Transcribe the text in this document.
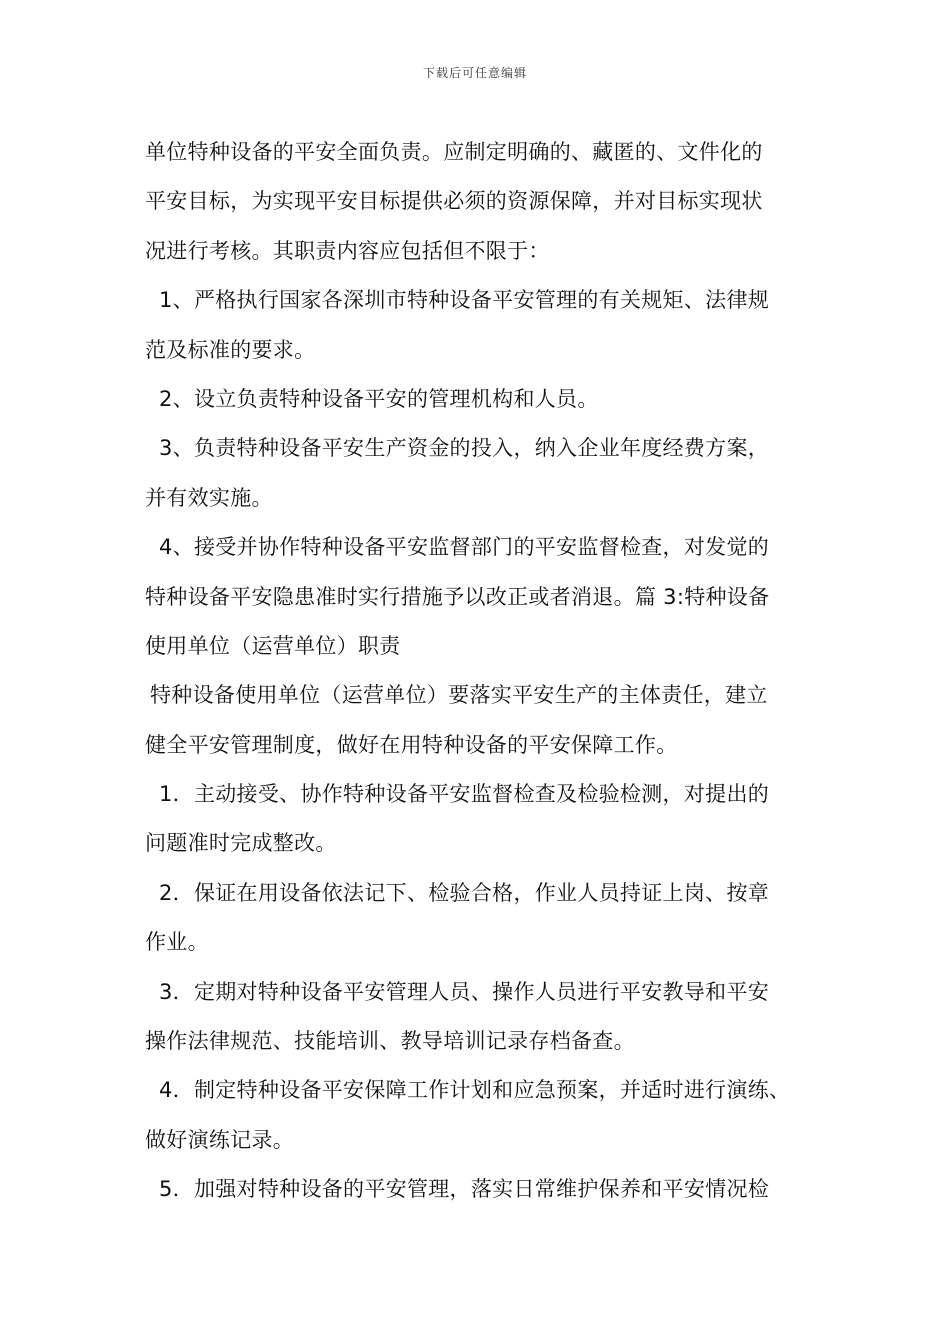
下载后可任意编辑
单位特种设备的平安全面负责。应制定明确的、藏匿的、文件化的
平安目标，为实现平安目标提供必须的资源保障，并对目标实现状
况进行考核。其职责内容应包括但不限于：
1、严格执行国家各深圳市特种设备平安管理的有关规矩、法律规
范及标准的要求。
2、设立负责特种设备平安的管理机构和人员。
3、负责特种设备平安生产资金的投入，纳入企业年度经费方案，
并有效实施。
4、接受并协作特种设备平安监督部门的平安监督检查，对发觉的
特种设备平安隐患准时实行措施予以改正或者消退。篇 3:特种设备
使用单位（运营单位）职责
特种设备使用单位（运营单位）要落实平安生产的主体责任，建立
健全平安管理制度，做好在用特种设备的平安保障工作。
1．主动接受、协作特种设备平安监督检查及检验检测，对提出的
问题准时完成整改。
2．保证在用设备依法记下、检验合格，作业人员持证上岗、按章
作业。
3．定期对特种设备平安管理人员、操作人员进行平安教导和平安
操作法律规范、技能培训、教导培训记录存档备查。
4．制定特种设备平安保障工作计划和应急预案，并适时进行演练、
做好演练记录。
5．加强对特种设备的平安管理，落实日常维护保养和平安情况检
